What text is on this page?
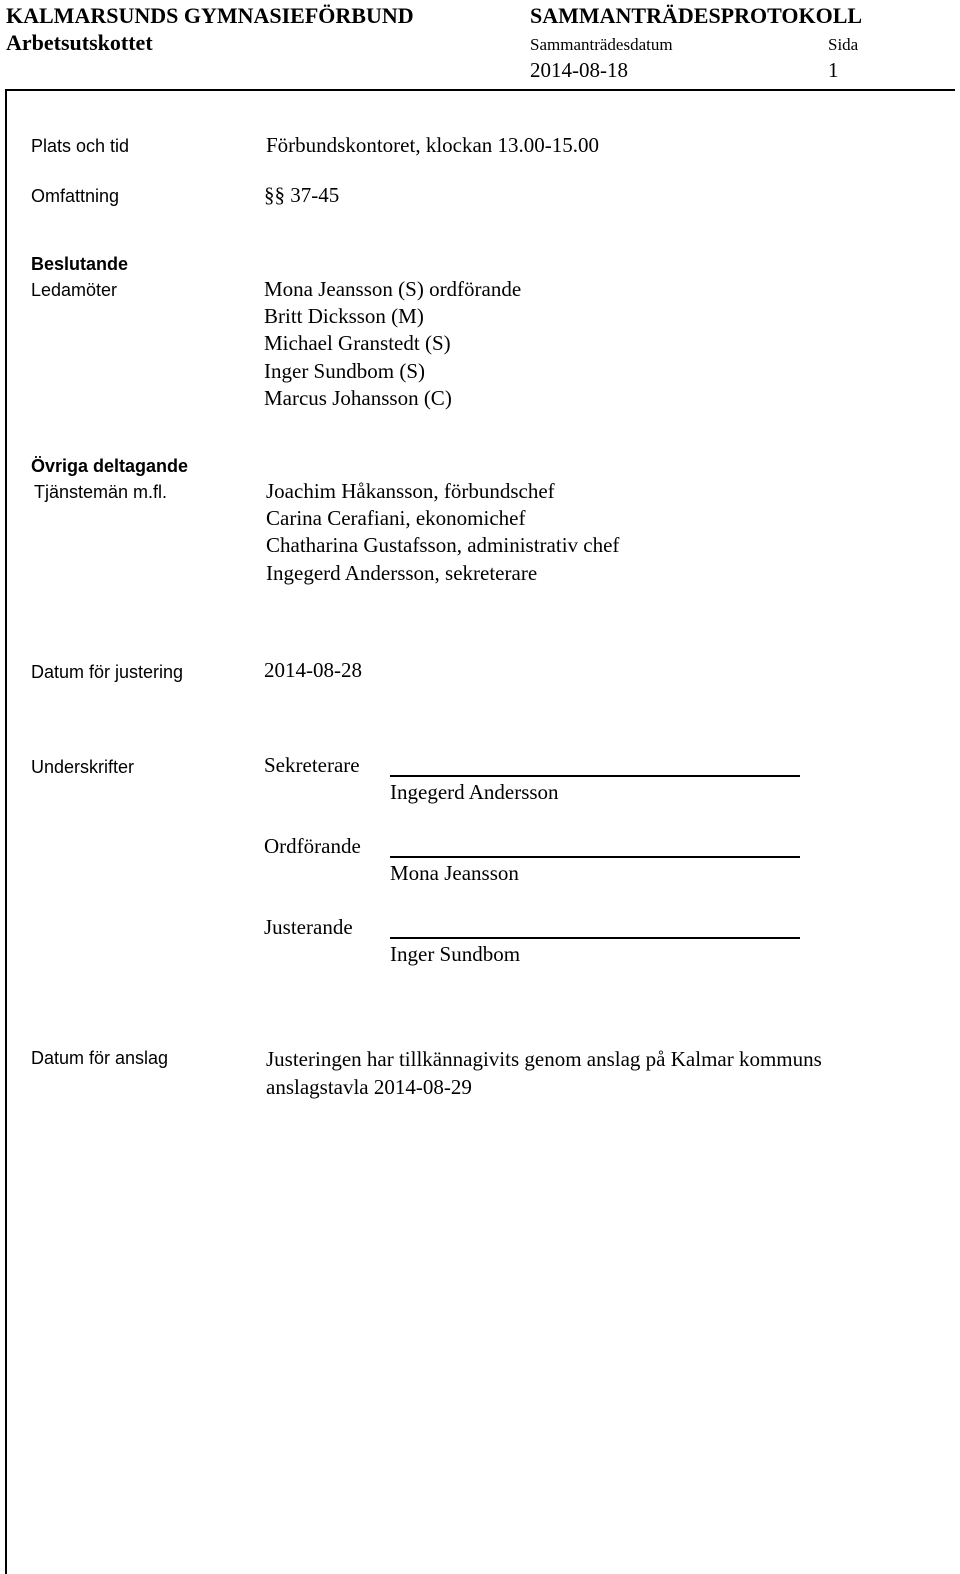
KALMARSUNDS GYMNASIEFÖRBUND
Arbetsutskottet
SAMMANTRÄDESPROTOKOLL
Sammanträdesdatum	Sida
2014-08-18	1
Plats och tid	Förbundskontoret, klockan 13.00-15.00
Omfattning	§§ 37-45
Beslutande
Ledamöter	Mona Jeansson (S) ordförande
Britt Dicksson (M)
Michael Granstedt (S)
Inger Sundbom (S)
Marcus Johansson (C)
Övriga deltagande
Tjänstemän m.fl.	Joachim Håkansson, förbundschef
Carina Cerafiani, ekonomichef
Chatharina Gustafsson, administrativ chef
Ingegerd Andersson, sekreterare
Datum för justering	2014-08-28
Underskrifter	Sekreterare
Ingegerd Andersson
Ordförande
Mona Jeansson
Justerande
Inger Sundbom
Datum för anslag	Justeringen har tillkännagivits genom anslag på Kalmar kommuns
anslagstavla 2014-08-29
